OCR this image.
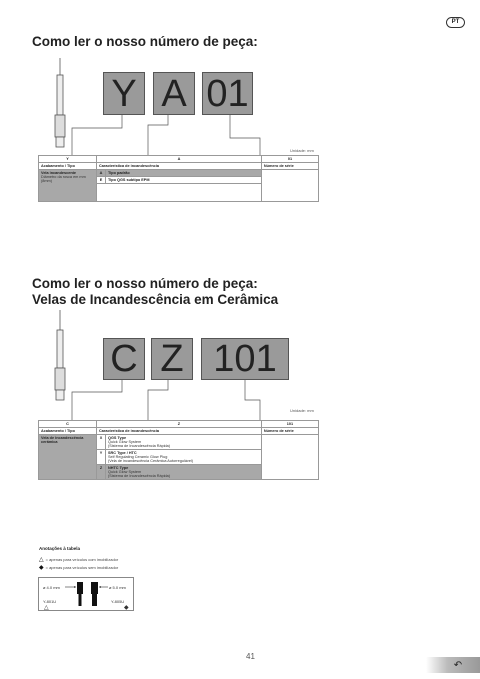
PT
Como ler o nosso número de peça:
Y A 01
Unidade: mm
Y	A		01
Acabamento / Tipo	Característica de incandescência		Número de série

Vela incandescente
Diâmetro da rosca em mm (8mm)	A	Tipo padrão	

	E	Tipo QGS subtipo EPM	

Como ler o nosso número de peça:
Velas de Incandescência em Cerâmica
C Z 101
Unidade: mm
C	Z		101
Acabamento / Tipo	Característica de incandescência		Número de série

Vela de incandescência cerâmica	X	QGS Type
Quick Glow System
(Sistema de Incandescência Rápida)	

	Y	SRC Type / HTC
Self Regulating Ceramic Glow Plug
(Vela de incandescência Cerâmica Autorregulável)	

	Z	NHTC Type
Quick Glow System
(Sistema de Incandescência Rápida)	
Anotações à tabela
△ = apenas para veículos com imobilizador
◆ = apenas para veículos sem imobilizador
ø 4.0 mm	ø 5.0 mm
Y-801U	Y-805U
△	◆
41
↶
